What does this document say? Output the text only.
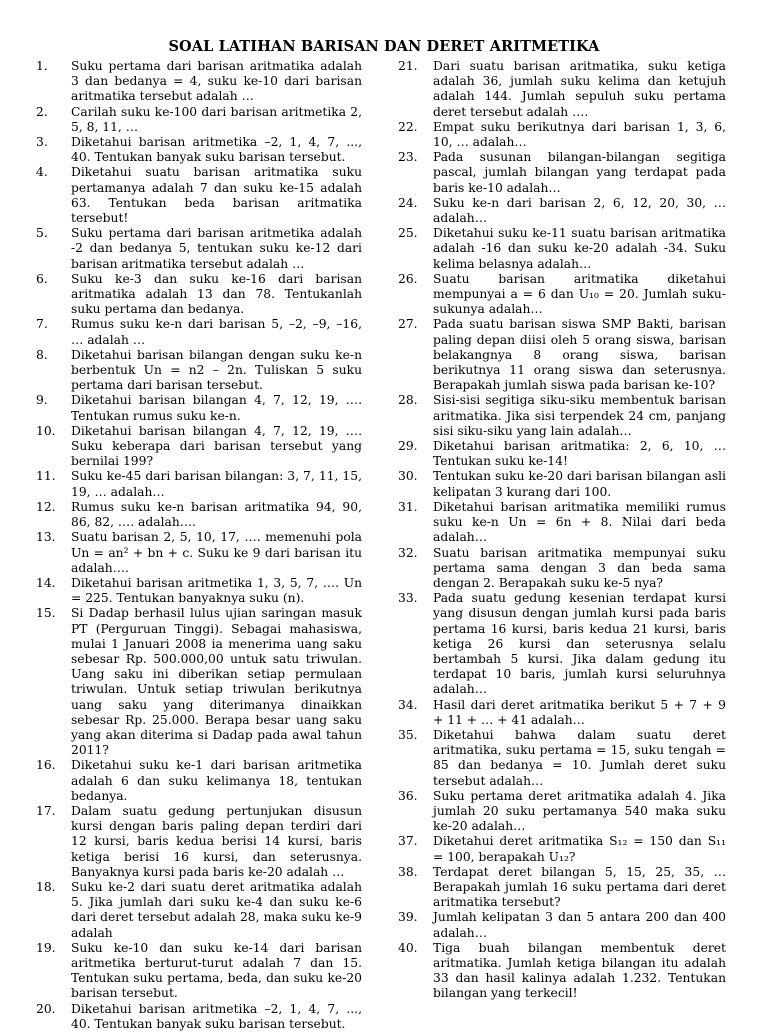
SOAL LATIHAN BARISAN DAN DERET ARITMETIKA
1.	Suku pertama dari barisan aritmatika adalah 3 dan bedanya = 4, suku ke-10 dari barisan aritmatika tersebut adalah …
2.	Carilah suku ke-100 dari barisan aritmetika 2, 5, 8, 11, …
3.	Diketahui barisan aritmetika –2, 1, 4, 7, ..., 40. Tentukan banyak suku barisan tersebut.
4.	Diketahui suatu barisan aritmatika suku pertamanya adalah 7 dan suku ke-15 adalah 63. Tentukan beda barisan aritmatika tersebut!
5.	Suku pertama dari barisan aritmetika adalah -2 dan bedanya 5, tentukan suku ke-12 dari barisan aritmatika tersebut adalah …
6.	Suku ke-3 dan suku ke-16 dari barisan aritmatika adalah 13 dan 78. Tentukanlah suku pertama dan bedanya.
7.	Rumus suku ke-n dari barisan 5, –2, –9, –16, … adalah …
8.	Diketahui barisan bilangan dengan suku ke-n berbentuk Un = n2 – 2n. Tuliskan 5 suku pertama dari barisan tersebut.
9.	Diketahui barisan bilangan 4, 7, 12, 19, …. Tentukan rumus suku ke-n.
10.	Diketahui barisan bilangan 4, 7, 12, 19, …. Suku keberapa dari barisan tersebut yang bernilai 199?
11.	Suku ke-45 dari barisan bilangan: 3, 7, 11, 15, 19, … adalah…
12.	Rumus suku ke-n barisan aritmatika 94, 90, 86, 82, …. adalah….
13.	Suatu barisan 2, 5, 10, 17, …. memenuhi pola Un = an² + bn + c. Suku ke 9 dari barisan itu adalah….
14.	Diketahui barisan aritmetika 1, 3, 5, 7, …. Un = 225. Tentukan banyaknya suku (n).
15.	Si Dadap berhasil lulus ujian saringan masuk PT (Perguruan Tinggi). Sebagai mahasiswa, mulai 1 Januari 2008 ia menerima uang saku sebesar Rp. 500.000,00 untuk satu triwulan. Uang saku ini diberikan setiap permulaan triwulan. Untuk setiap triwulan berikutnya uang saku yang diterimanya dinaikkan sebesar Rp. 25.000. Berapa besar uang saku yang akan diterima si Dadap pada awal tahun 2011?
16.	Diketahui suku ke-1 dari barisan aritmetika adalah 6 dan suku kelimanya 18, tentukan bedanya.
17.	Dalam suatu gedung pertunjukan disusun kursi dengan baris paling depan terdiri dari 12 kursi, baris kedua berisi 14 kursi, baris ketiga berisi 16 kursi, dan seterusnya. Banyaknya kursi pada baris ke-20 adalah …
18.	Suku ke-2 dari suatu deret aritmatika adalah 5. Jika jumlah dari suku ke-4 dan suku ke-6 dari deret tersebut adalah 28, maka suku ke-9 adalah
19.	Suku ke-10 dan suku ke-14 dari barisan aritmetika berturut-turut adalah 7 dan 15. Tentukan suku pertama, beda, dan suku ke-20 barisan tersebut.
20.	Diketahui barisan aritmetika –2, 1, 4, 7, ..., 40. Tentukan banyak suku barisan tersebut.
21.	Dari suatu barisan aritmatika, suku ketiga adalah 36, jumlah suku kelima dan ketujuh adalah 144. Jumlah sepuluh suku pertama deret tersebut adalah ….
22.	Empat suku berikutnya dari barisan 1, 3, 6, 10, … adalah…
23.	Pada susunan bilangan-bilangan segitiga pascal, jumlah bilangan yang terdapat pada baris ke-10 adalah…
24.	Suku ke-n dari barisan 2, 6, 12, 20, 30, … adalah…
25.	Diketahui suku ke-11 suatu barisan aritmatika adalah -16 dan suku ke-20 adalah -34. Suku kelima belasnya adalah…
26.	Suatu barisan aritmatika diketahui mempunyai a = 6 dan U₁₀ = 20. Jumlah suku-sukunya adalah…
27.	Pada suatu barisan siswa SMP Bakti, barisan paling depan diisi oleh 5 orang siswa, barisan belakangnya 8 orang siswa, barisan berikutnya 11 orang siswa dan seterusnya. Berapakah jumlah siswa pada barisan ke-10?
28.	Sisi-sisi segitiga siku-siku membentuk barisan aritmatika. Jika sisi terpendek 24 cm, panjang sisi siku-siku yang lain adalah…
29.	Diketahui barisan aritmatika: 2, 6, 10, … Tentukan suku ke-14!
30.	Tentukan suku ke-20 dari barisan bilangan asli kelipatan 3 kurang dari 100.
31.	Diketahui barisan aritmatika memiliki rumus suku ke-n Un = 6n + 8. Nilai dari beda adalah…
32.	Suatu barisan aritmatika mempunyai suku pertama sama dengan 3 dan beda sama dengan 2. Berapakah suku ke-5 nya?
33.	Pada suatu gedung kesenian terdapat kursi yang disusun dengan jumlah kursi pada baris pertama 16 kursi, baris kedua 21 kursi, baris ketiga 26 kursi dan seterusnya selalu bertambah 5 kursi. Jika dalam gedung itu terdapat 10 baris, jumlah kursi seluruhnya adalah…
34.	Hasil dari deret aritmatika berikut 5 + 7 + 9 + 11 + … + 41 adalah…
35.	Diketahui bahwa dalam suatu deret aritmatika, suku pertama = 15, suku tengah = 85 dan bedanya = 10. Jumlah deret suku tersebut adalah…
36.	Suku pertama deret aritmatika adalah 4. Jika jumlah 20 suku pertamanya 540 maka suku ke-20 adalah…
37.	Diketahui deret aritmatika S₁₂ = 150 dan S₁₁ = 100, berapakah U₁₂?
38.	Terdapat deret bilangan 5, 15, 25, 35, …Berapakah jumlah 16 suku pertama dari deret aritmatika tersebut?
39.	Jumlah kelipatan 3 dan 5 antara 200 dan 400 adalah…
40.	Tiga buah bilangan membentuk deret aritmatika. Jumlah ketiga bilangan itu adalah 33 dan hasil kalinya adalah 1.232. Tentukan bilangan yang terkecil!
